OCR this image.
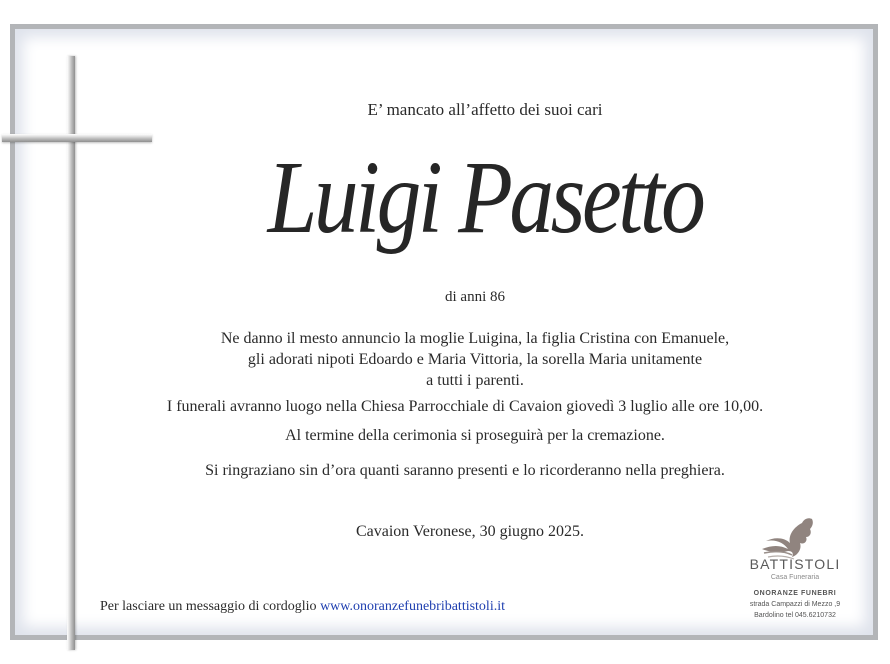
E’ mancato all’affetto dei suoi cari
Luigi Pasetto
di anni 86
Ne danno il mesto annuncio la moglie Luigina, la figlia Cristina con Emanuele,
gli adorati nipoti Edoardo e Maria Vittoria, la sorella Maria unitamente
a tutti i parenti.
I funerali avranno luogo nella Chiesa Parrocchiale di Cavaion giovedì 3 luglio alle ore 10,00.
Al termine della cerimonia si proseguirà per la cremazione.
Si ringraziano sin d’ora quanti saranno presenti e lo ricorderanno nella preghiera.
Cavaion Veronese, 30 giugno 2025.
Per lasciare un messaggio di cordoglio www.onoranzefunebribattistoli.it
BATTISTOLI
Casa Funeraria
ONORANZE FUNEBRI
strada Campazzi di Mezzo ,9
Bardolino tel 045.6210732
